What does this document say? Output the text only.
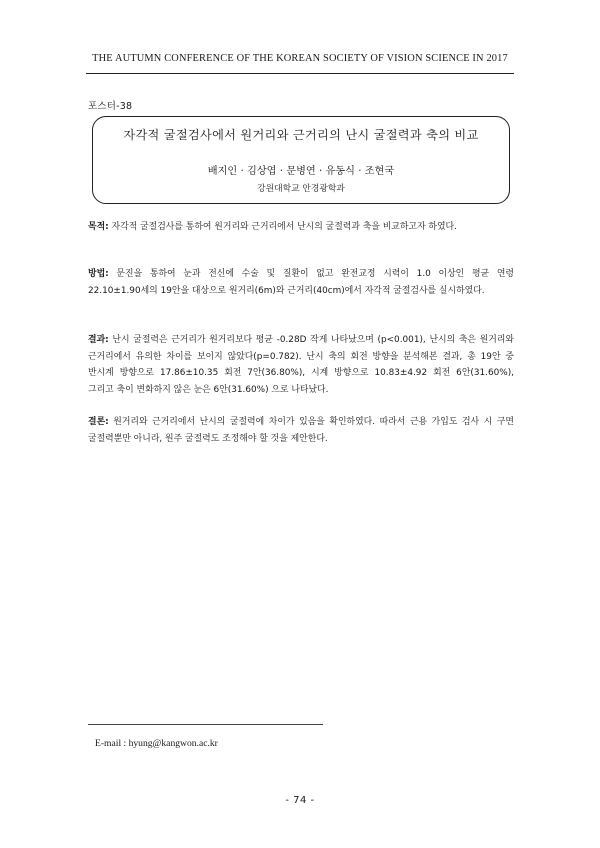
THE AUTUMN CONFERENCE OF THE KOREAN SOCIETY OF VISION SCIENCE IN 2017
포스터-38
자각적 굴절검사에서 원거리와 근거리의 난시 굴절력과 축의 비교
배지인 · 김상엽 · 문병연 · 유동식 · 조현국
강원대학교 안경광학과
목적: 자각적 굴절검사를 통하여 원거리와 근거리에서 난시의 굴절력과 축을 비교하고자 하였다.
방법: 문진을 통하여 눈과 전신에 수술 및 질환이 없고 완전교정 시력이 1.0 이상인 평균 연령 22.10±1.90세의 19안을 대상으로 원거리(6m)와 근거리(40cm)에서 자각적 굴절검사를 실시하였다.
결과: 난시 굴절력은 근거리가 원거리보다 평균 -0.28D 작게 나타났으며 (p<0.001), 난시의 축은 원거리와 근거리에서 유의한 차이를 보이지 않았다(p=0.782). 난시 축의 회전 방향을 분석해본 결과, 총 19안 중 반시계 방향으로 17.86±10.35 회전 7안(36.80%), 시계 방향으로 10.83±4.92 회전 6안(31.60%), 그리고 축이 변화하지 않은 눈은 6안(31.60%) 으로 나타났다.
결론: 원거리와 근거리에서 난시의 굴절력에 차이가 있음을 확인하였다. 따라서 근용 가입도 검사 시 구면 굴절력뿐만 아니라, 원주 굴절력도 조정해야 할 것을 제안한다.
E-mail : hyung@kangwon.ac.kr
- 74 -
